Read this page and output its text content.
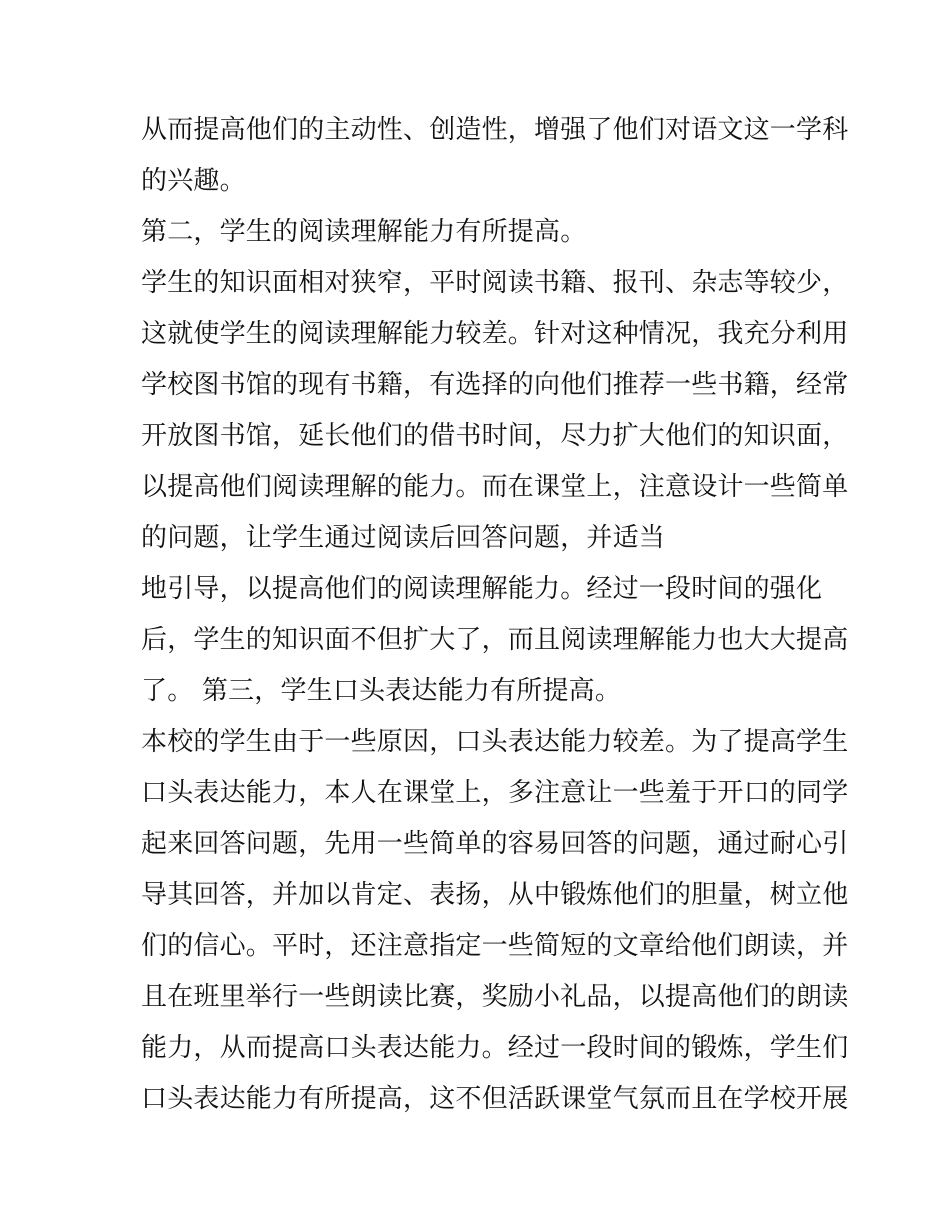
从而提高他们的主动性、创造性，增强了他们对语文这一学科
的兴趣。
第二，学生的阅读理解能力有所提高。
学生的知识面相对狭窄，平时阅读书籍、报刊、杂志等较少，
这就使学生的阅读理解能力较差。针对这种情况，我充分利用
学校图书馆的现有书籍，有选择的向他们推荐一些书籍，经常
开放图书馆，延长他们的借书时间，尽力扩大他们的知识面，
以提高他们阅读理解的能力。而在课堂上，注意设计一些简单
的问题，让学生通过阅读后回答问题，并适当
地引导，以提高他们的阅读理解能力。经过一段时间的强化
后，学生的知识面不但扩大了，而且阅读理解能力也大大提高
了。 第三，学生口头表达能力有所提高。
本校的学生由于一些原因，口头表达能力较差。为了提高学生
口头表达能力，本人在课堂上，多注意让一些羞于开口的同学
起来回答问题，先用一些简单的容易回答的问题，通过耐心引
导其回答，并加以肯定、表扬，从中锻炼他们的胆量，树立他
们的信心。平时，还注意指定一些简短的文章给他们朗读，并
且在班里举行一些朗读比赛，奖励小礼品，以提高他们的朗读
能力，从而提高口头表达能力。经过一段时间的锻炼，学生们
口头表达能力有所提高，这不但活跃课堂气氛而且在学校开展
